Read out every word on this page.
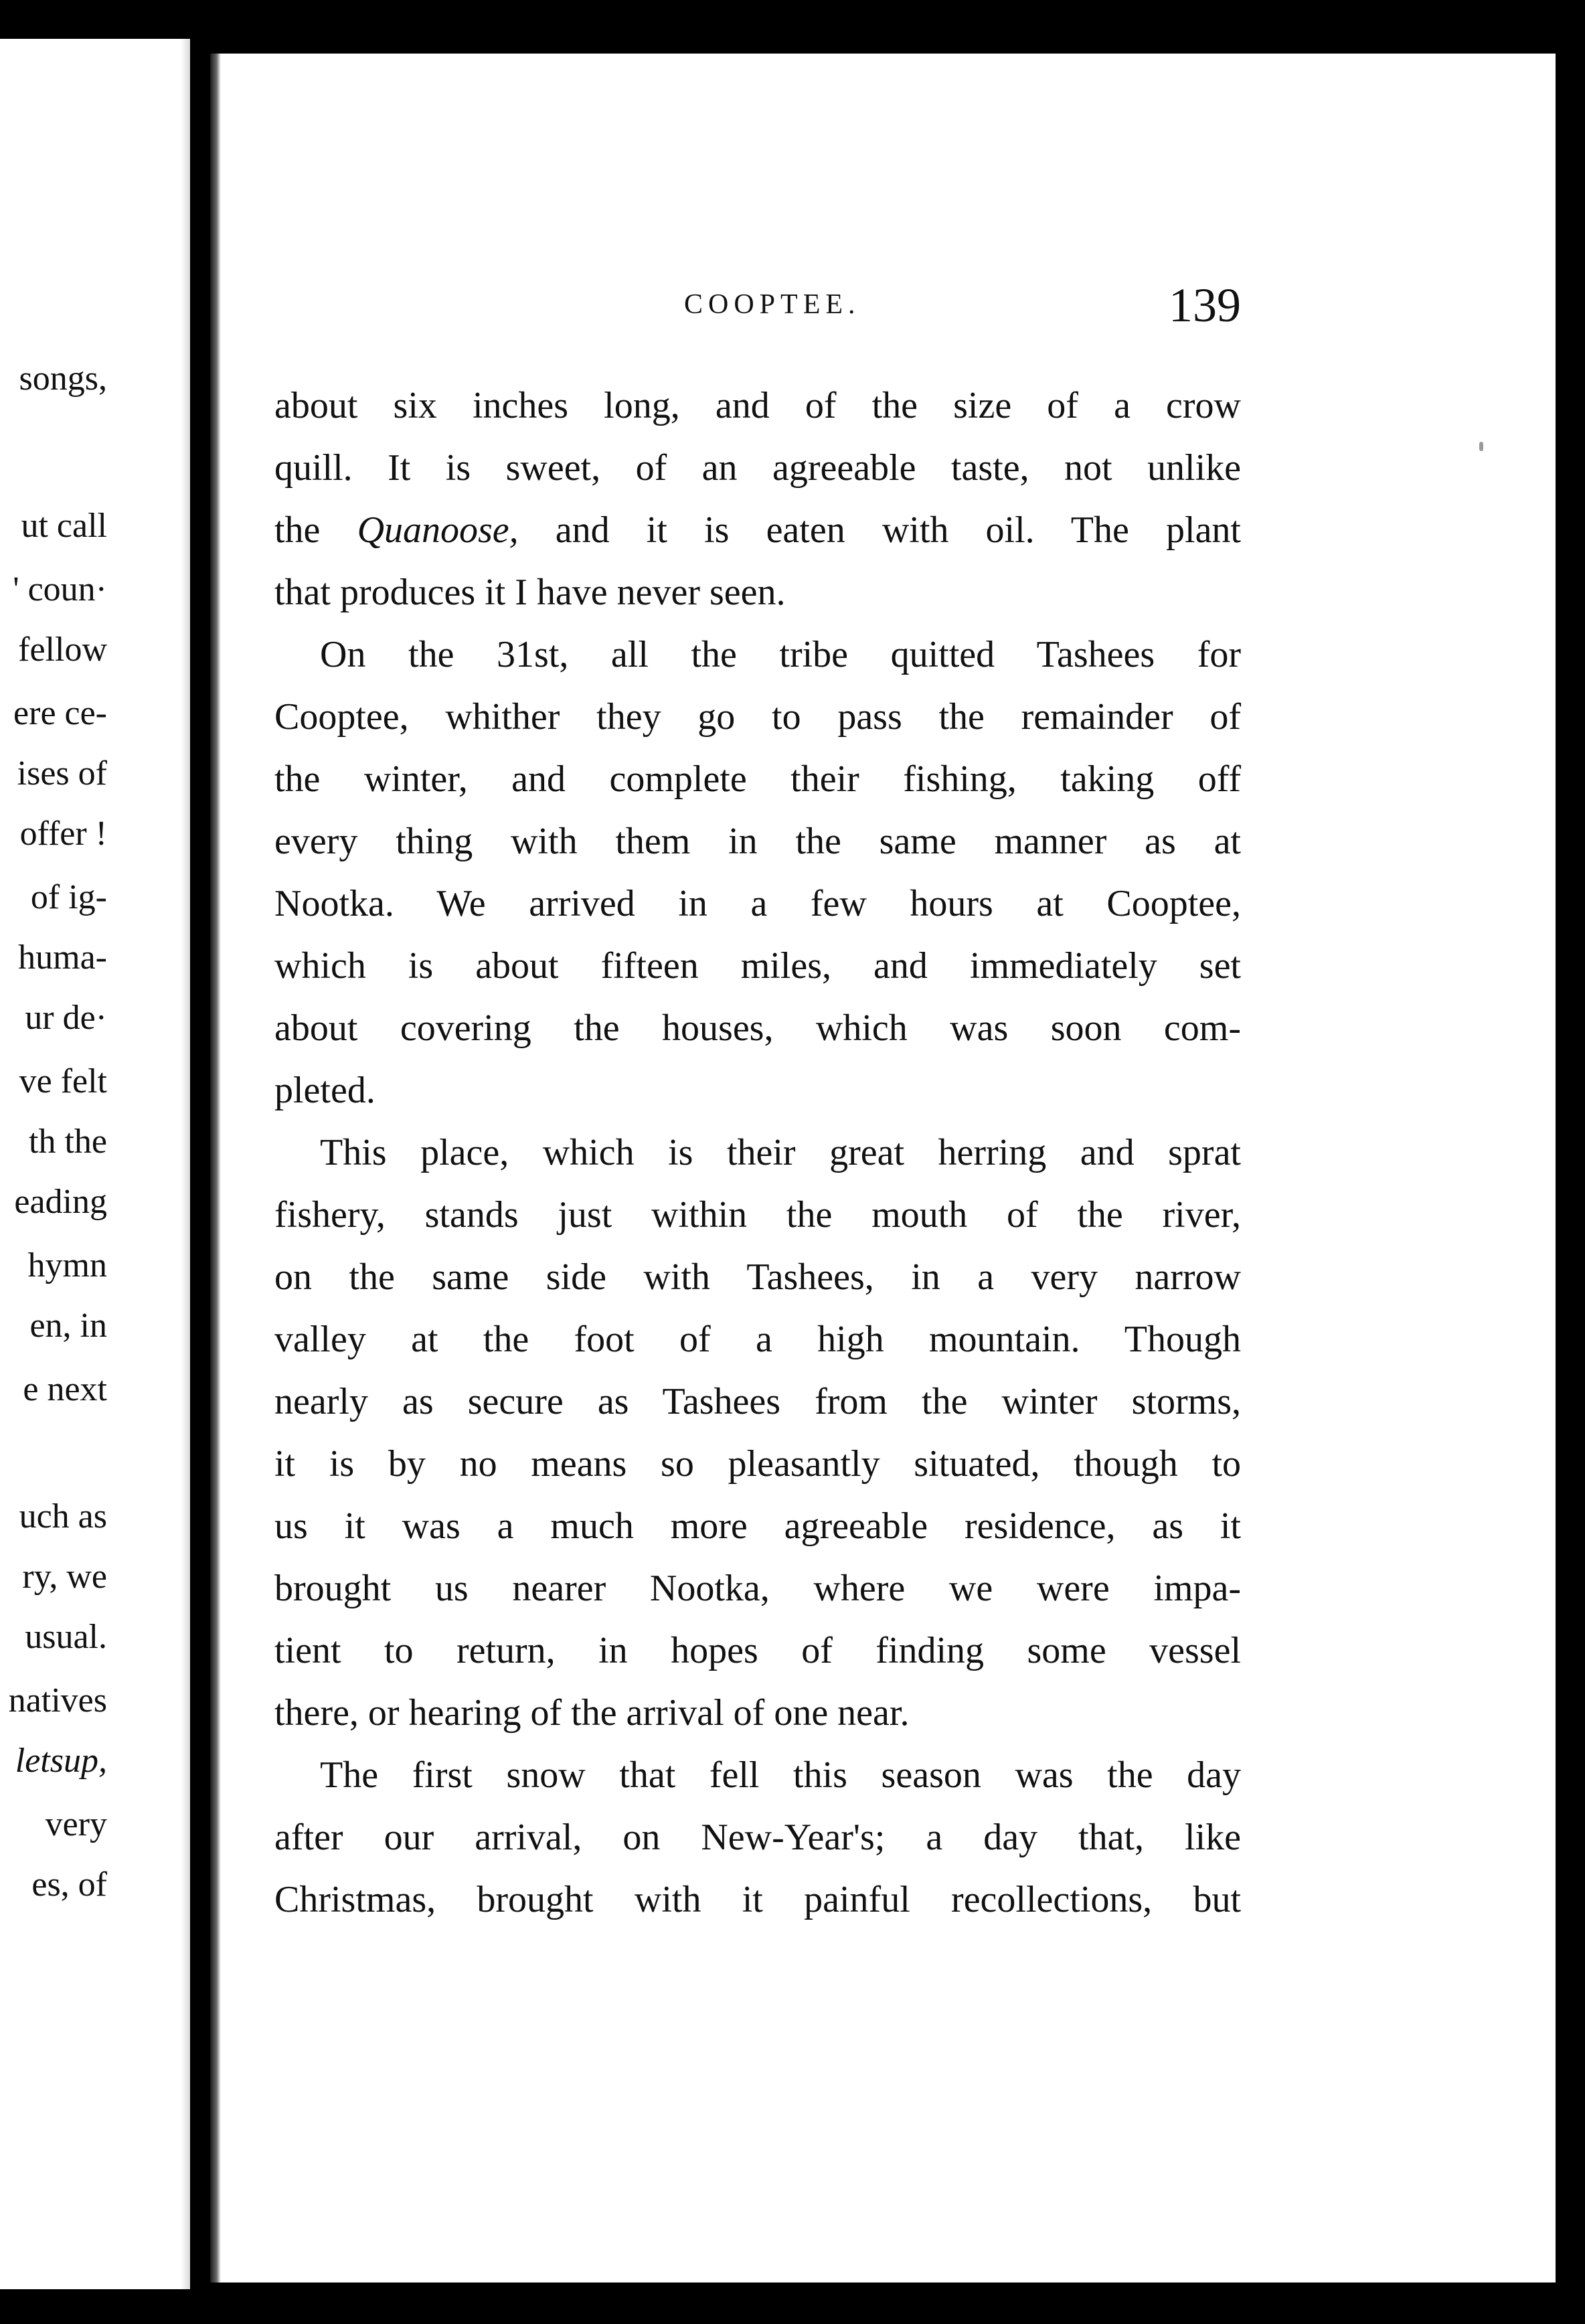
songs,
ut call
' coun·
fellow
ere ce-
ises of
offer !
of ig-
huma-
ur de·
ve felt
th the
eading
hymn
en, in
e next
uch as
ry, we
usual.
natives
letsup,
very
es, of
COOPTEE.	139
about six inches long, and of the size of a crow
quill. It is sweet, of an agreeable taste, not unlike
the Quanoose, and it is eaten with oil. The plant
that produces it I have never seen.
On the 31st, all the tribe quitted Tashees for
Cooptee, whither they go to pass the remainder of
the winter, and complete their fishing, taking off
every thing with them in the same manner as at
Nootka. We arrived in a few hours at Cooptee,
which is about fifteen miles, and immediately set
about covering the houses, which was soon com-
pleted.
This place, which is their great herring and sprat
fishery, stands just within the mouth of the river,
on the same side with Tashees, in a very narrow
valley at the foot of a high mountain. Though
nearly as secure as Tashees from the winter storms,
it is by no means so pleasantly situated, though to
us it was a much more agreeable residence, as it
brought us nearer Nootka, where we were impa-
tient to return, in hopes of finding some vessel
there, or hearing of the arrival of one near.
The first snow that fell this season was the day
after our arrival, on New-Year's; a day that, like
Christmas, brought with it painful recollections, but
